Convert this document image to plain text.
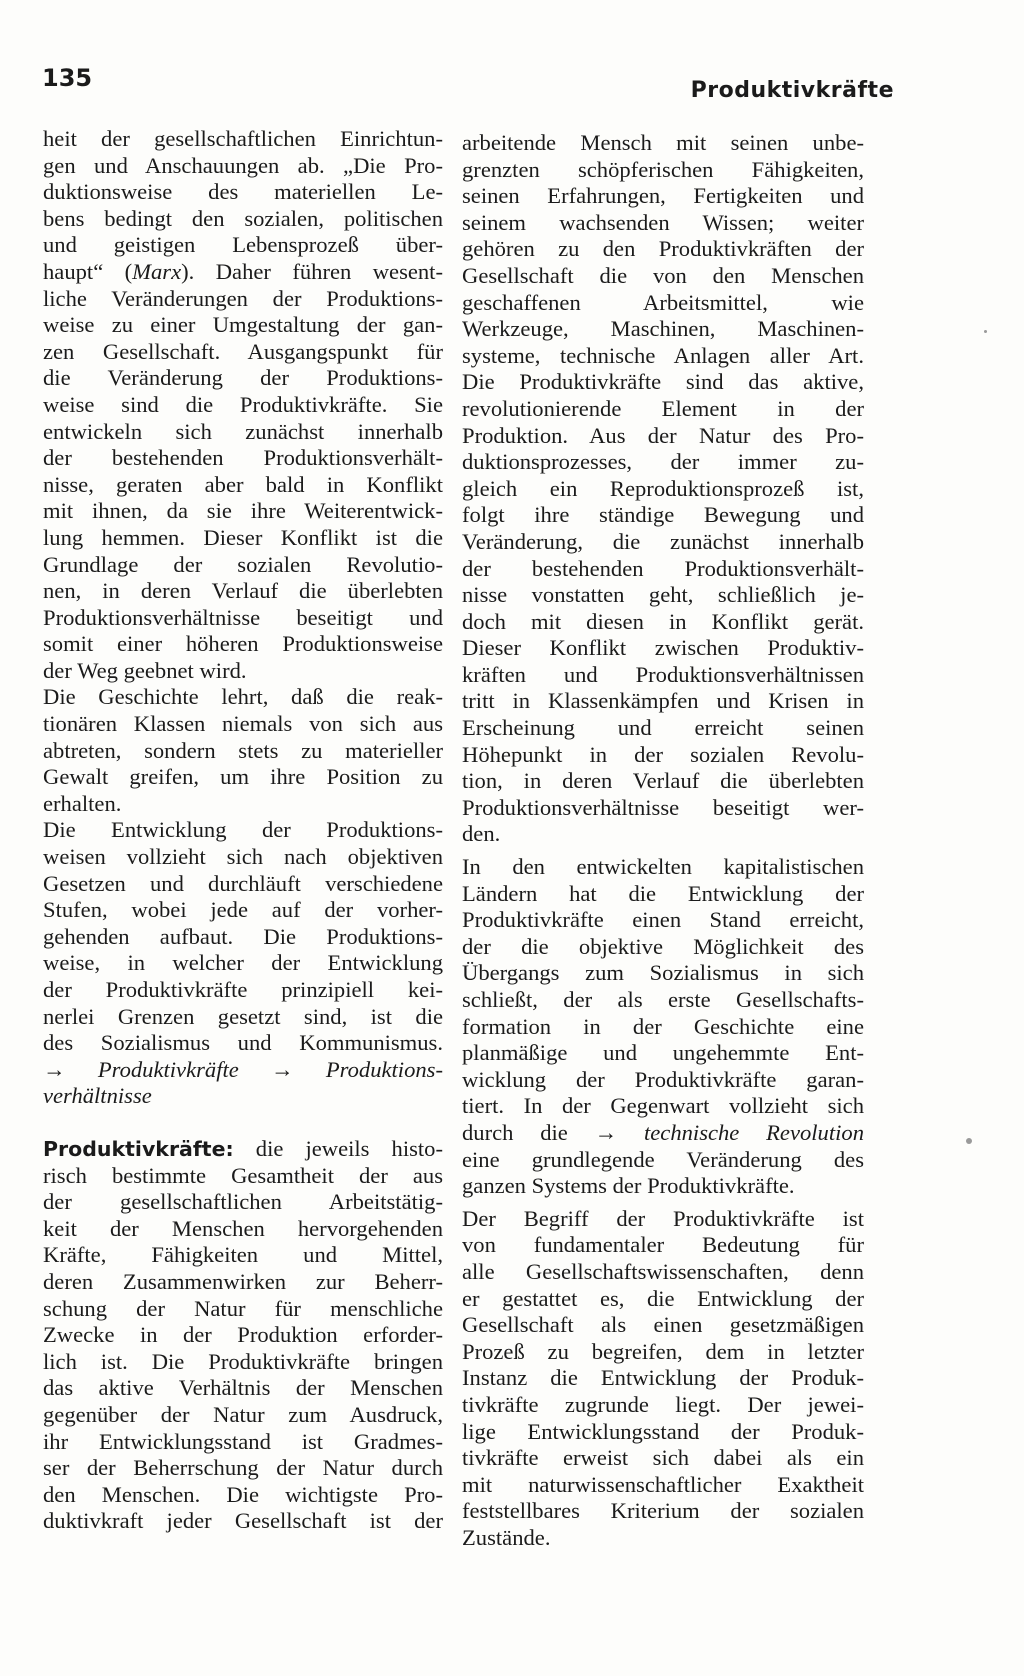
135	Produktivkräfte
heit der gesellschaftlichen Einrichtun-
gen und Anschauungen ab. „Die Pro-
duktionsweise des materiellen Le-
bens bedingt den sozialen, politischen
und geistigen Lebensprozeß über-
haupt“ (Marx). Daher führen wesent-
liche Veränderungen der Produktions-
weise zu einer Umgestaltung der gan-
zen Gesellschaft. Ausgangspunkt für
die Veränderung der Produktions-
weise sind die Produktivkräfte. Sie
entwickeln sich zunächst innerhalb
der bestehenden Produktionsverhält-
nisse, geraten aber bald in Konflikt
mit ihnen, da sie ihre Weiterentwick-
lung hemmen. Dieser Konflikt ist die
Grundlage der sozialen Revolutio-
nen, in deren Verlauf die überlebten
Produktionsverhältnisse beseitigt und
somit einer höheren Produktionsweise
der Weg geebnet wird.
Die Geschichte lehrt, daß die reak-
tionären Klassen niemals von sich aus
abtreten, sondern stets zu materieller
Gewalt greifen, um ihre Position zu
erhalten.
Die Entwicklung der Produktions-
weisen vollzieht sich nach objektiven
Gesetzen und durchläuft verschiedene
Stufen, wobei jede auf der vorher-
gehenden aufbaut. Die Produktions-
weise, in welcher der Entwicklung
der Produktivkräfte prinzipiell kei-
nerlei Grenzen gesetzt sind, ist die
des Sozialismus und Kommunismus.
→ Produktivkräfte → Produktions-
verhältnisse
Produktivkräfte: die jeweils histo-
risch bestimmte Gesamtheit der aus
der gesellschaftlichen Arbeitstätig-
keit der Menschen hervorgehenden
Kräfte, Fähigkeiten und Mittel,
deren Zusammenwirken zur Beherr-
schung der Natur für menschliche
Zwecke in der Produktion erforder-
lich ist. Die Produktivkräfte bringen
das aktive Verhältnis der Menschen
gegenüber der Natur zum Ausdruck,
ihr Entwicklungsstand ist Gradmes-
ser der Beherrschung der Natur durch
den Menschen. Die wichtigste Pro-
duktivkraft jeder Gesellschaft ist der
arbeitende Mensch mit seinen unbe-
grenzten schöpferischen Fähigkeiten,
seinen Erfahrungen, Fertigkeiten und
seinem wachsenden Wissen; weiter
gehören zu den Produktivkräften der
Gesellschaft die von den Menschen
geschaffenen Arbeitsmittel, wie
Werkzeuge, Maschinen, Maschinen-
systeme, technische Anlagen aller Art.
Die Produktivkräfte sind das aktive,
revolutionierende Element in der
Produktion. Aus der Natur des Pro-
duktionsprozesses, der immer zu-
gleich ein Reproduktionsprozeß ist,
folgt ihre ständige Bewegung und
Veränderung, die zunächst innerhalb
der bestehenden Produktionsverhält-
nisse vonstatten geht, schließlich je-
doch mit diesen in Konflikt gerät.
Dieser Konflikt zwischen Produktiv-
kräften und Produktionsverhältnissen
tritt in Klassenkämpfen und Krisen in
Erscheinung und erreicht seinen
Höhepunkt in der sozialen Revolu-
tion, in deren Verlauf die überlebten
Produktionsverhältnisse beseitigt wer-
den.
In den entwickelten kapitalistischen
Ländern hat die Entwicklung der
Produktivkräfte einen Stand erreicht,
der die objektive Möglichkeit des
Übergangs zum Sozialismus in sich
schließt, der als erste Gesellschafts-
formation in der Geschichte eine
planmäßige und ungehemmte Ent-
wicklung der Produktivkräfte garan-
tiert. In der Gegenwart vollzieht sich
durch die → technische Revolution
eine grundlegende Veränderung des
ganzen Systems der Produktivkräfte.
Der Begriff der Produktivkräfte ist
von fundamentaler Bedeutung für
alle Gesellschaftswissenschaften, denn
er gestattet es, die Entwicklung der
Gesellschaft als einen gesetzmäßigen
Prozeß zu begreifen, dem in letzter
Instanz die Entwicklung der Produk-
tivkräfte zugrunde liegt. Der jewei-
lige Entwicklungsstand der Produk-
tivkräfte erweist sich dabei als ein
mit naturwissenschaftlicher Exaktheit
feststellbares Kriterium der sozialen
Zustände.
